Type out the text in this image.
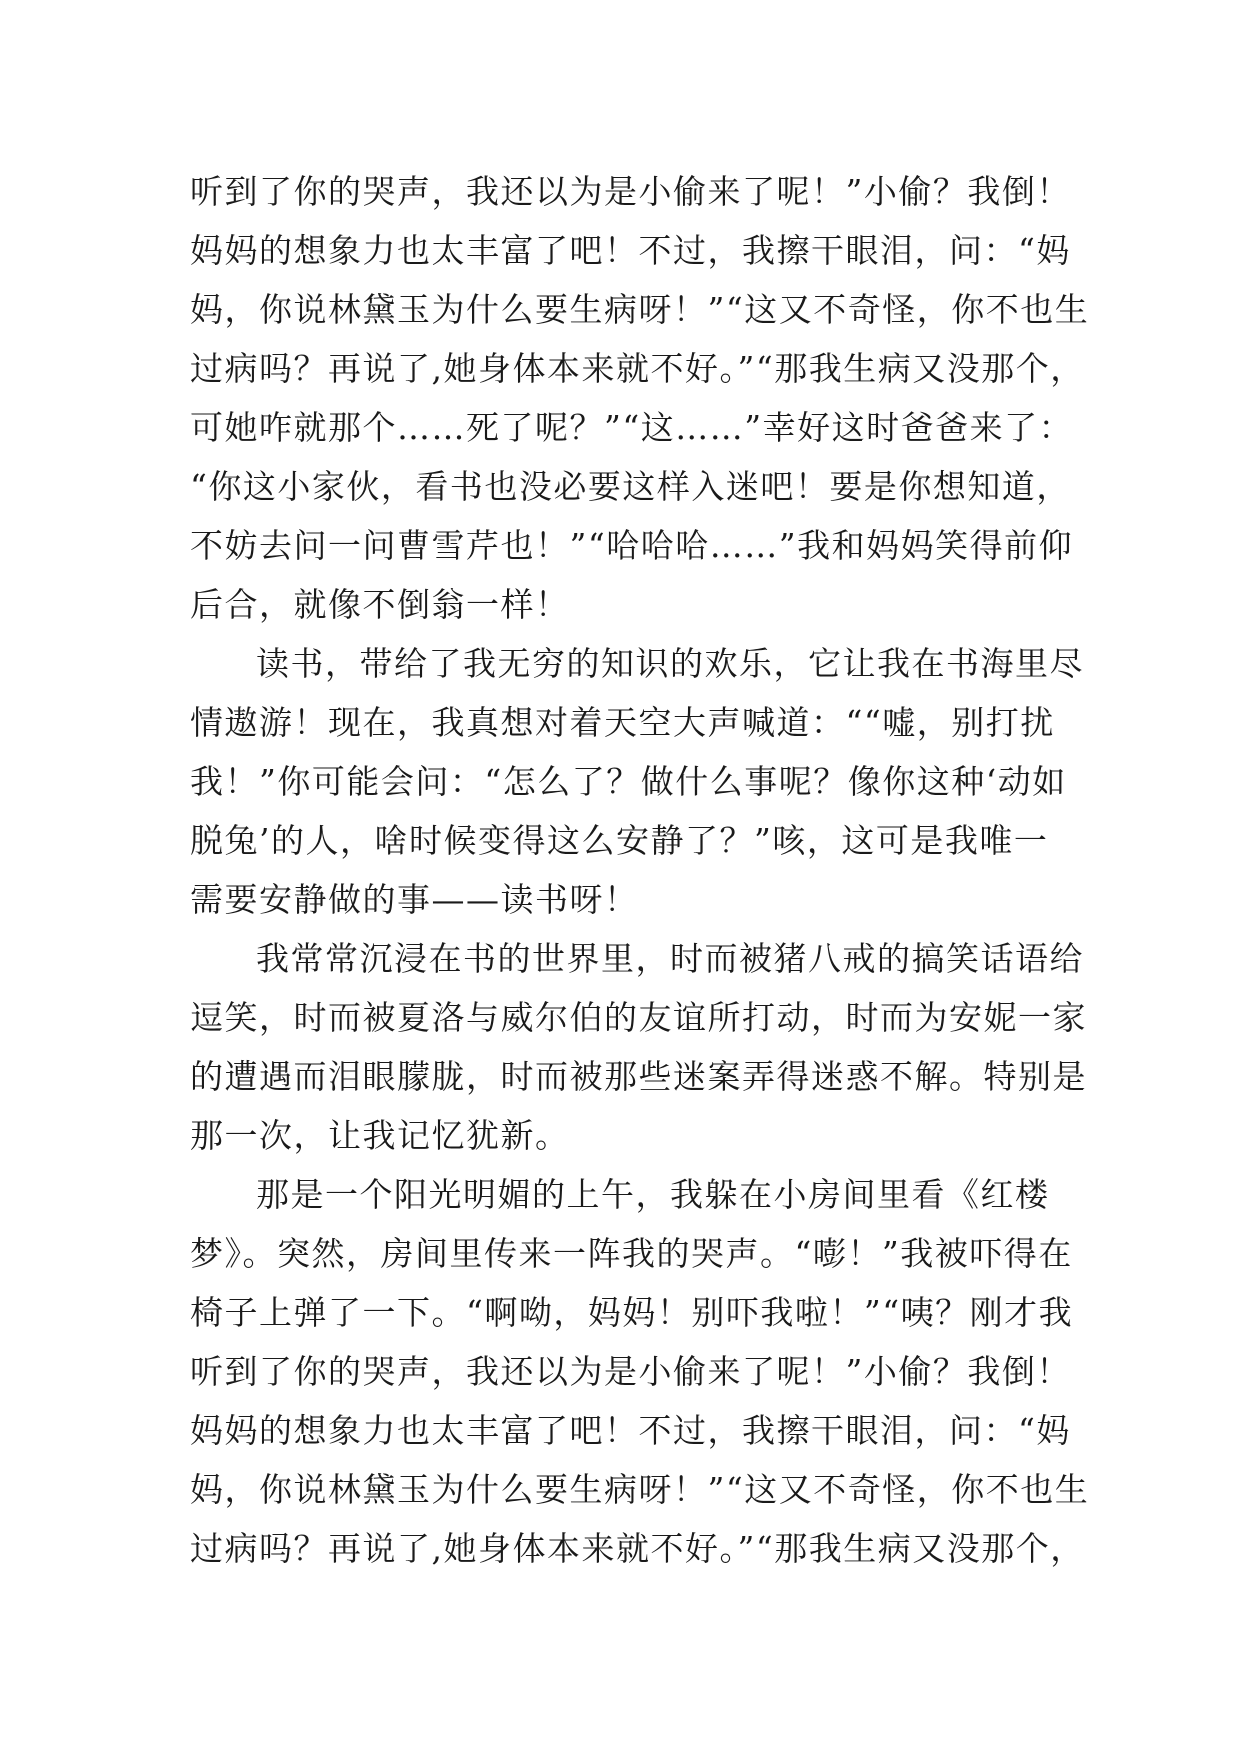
听到了你的哭声，我还以为是小偷来了呢！”小偷？我倒！
妈妈的想象力也太丰富了吧！不过，我擦干眼泪，问：“妈
妈，你说林黛玉为什么要生病呀！”“这又不奇怪，你不也生
过病吗？再说了,她身体本来就不好。”“那我生病又没那个，
可她咋就那个……死了呢？”“这……”幸好这时爸爸来了：
“你这小家伙，看书也没必要这样入迷吧！要是你想知道，
不妨去问一问曹雪芹也！”“哈哈哈……”我和妈妈笑得前仰
后合，就像不倒翁一样！
读书，带给了我无穷的知识的欢乐，它让我在书海里尽
情遨游！现在，我真想对着天空大声喊道：““嘘，别打扰
我！”你可能会问：“怎么了？做什么事呢？像你这种‘动如
脱兔’的人，啥时候变得这么安静了？”咳，这可是我唯一
需要安静做的事——读书呀！
我常常沉浸在书的世界里，时而被猪八戒的搞笑话语给
逗笑，时而被夏洛与威尔伯的友谊所打动，时而为安妮一家
的遭遇而泪眼朦胧，时而被那些迷案弄得迷惑不解。特别是
那一次，让我记忆犹新。
那是一个阳光明媚的上午，我躲在小房间里看《红楼
梦》。突然，房间里传来一阵我的哭声。“嘭！”我被吓得在
椅子上弹了一下。“啊呦，妈妈！别吓我啦！”“咦？刚才我
听到了你的哭声，我还以为是小偷来了呢！”小偷？我倒！
妈妈的想象力也太丰富了吧！不过，我擦干眼泪，问：“妈
妈，你说林黛玉为什么要生病呀！”“这又不奇怪，你不也生
过病吗？再说了,她身体本来就不好。”“那我生病又没那个，
